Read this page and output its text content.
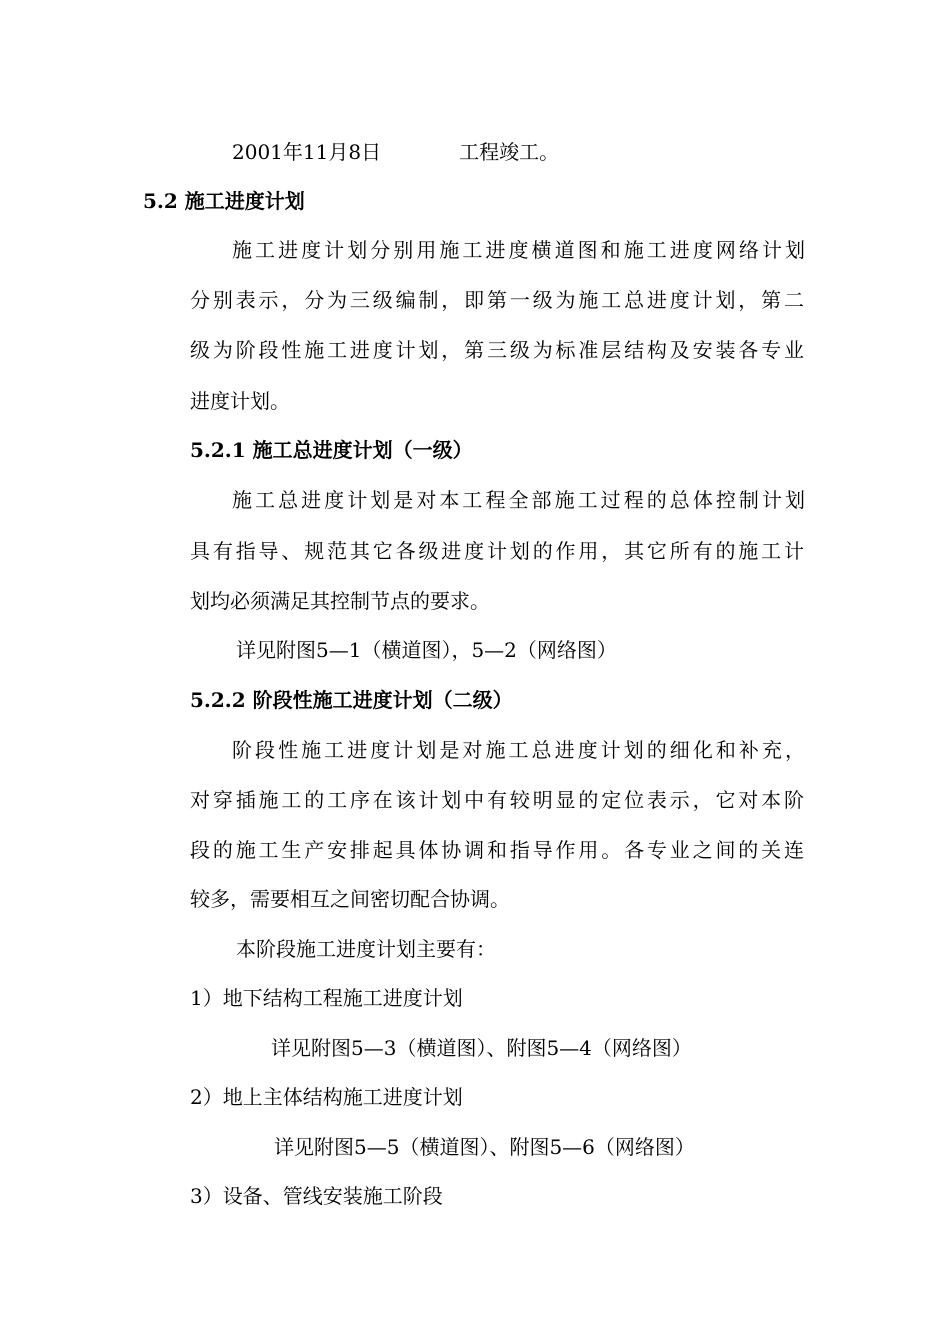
2001年11月8日	工程竣工。
5.2 施工进度计划
施工进度计划分别用施工进度横道图和施工进度网络计划
分别表示，分为三级编制，即第一级为施工总进度计划，第二
级为阶段性施工进度计划，第三级为标准层结构及安装各专业
进度计划。
5.2.1 施工总进度计划（一级）
施工总进度计划是对本工程全部施工过程的总体控制计划
具有指导、规范其它各级进度计划的作用，其它所有的施工计
划均必须满足其控制节点的要求。
详见附图5—1（横道图），5—2（网络图）
5.2.2 阶段性施工进度计划（二级）
阶段性施工进度计划是对施工总进度计划的细化和补充，
对穿插施工的工序在该计划中有较明显的定位表示，它对本阶
段的施工生产安排起具体协调和指导作用。各专业之间的关连
较多，需要相互之间密切配合协调。
本阶段施工进度计划主要有：
1）地下结构工程施工进度计划
详见附图5—3（横道图）、附图5—4（网络图）
2）地上主体结构施工进度计划
详见附图5—5（横道图）、附图5—6（网络图）
3）设备、管线安装施工阶段
